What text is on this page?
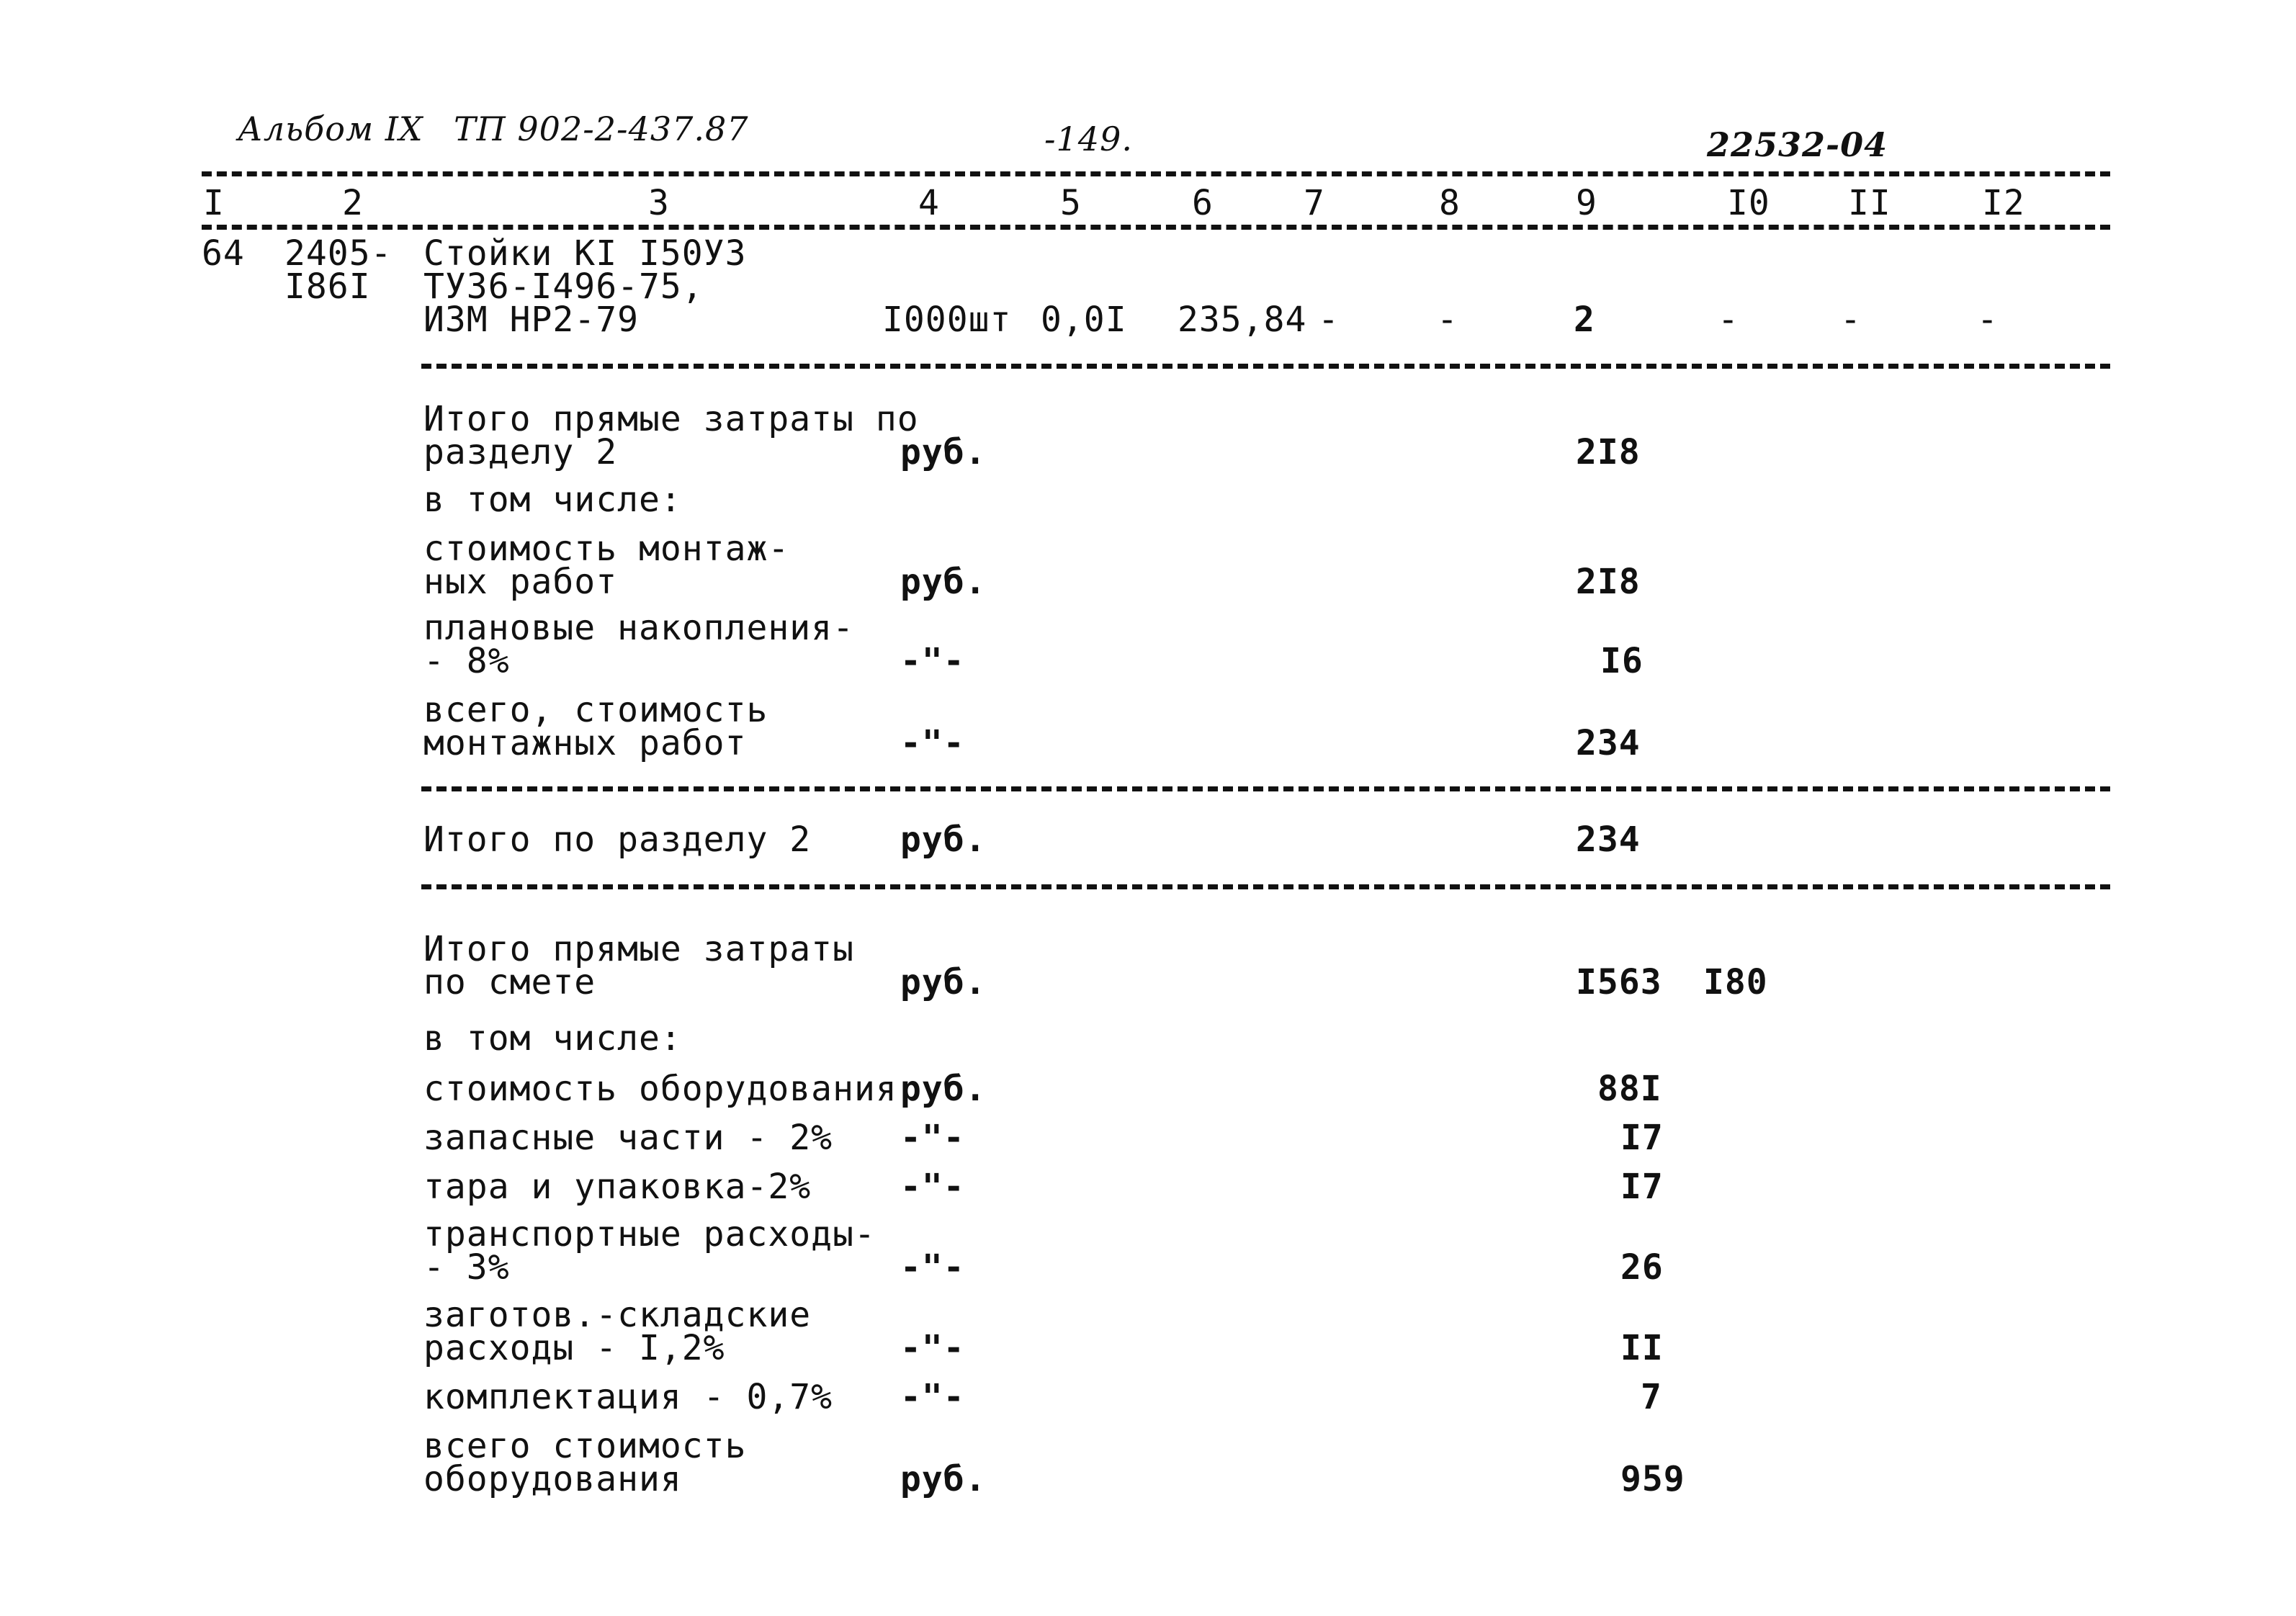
Альбом IX ТП 902-2-437.87	-149.	22532-04
I	2	3	4	5	6	7	8	9	I0 II	I2
64 2405-
I86I
Стойки КI I50У3
ТУ36-I496-75,
ИЗМ НР2-79	I000шт 0,0I 235,84 -	-	2	-	-	-
Итого прямые затраты по
разделу 2	руб.	2I8
в том числе:
стоимость монтаж-
ных работ	руб.	2I8
плановые накопления-
- 8%	-"-	I6
всего, стоимость
монтажных работ	-"-	234
Итого по разделу 2	руб.	234
Итого прямые затраты
по смете	руб.	I563 I80
в том числе:
стоимость оборудования руб.	88I
запасные части - 2% -"-	I7
тара и упаковка-2%	-"-	I7
транспортные расходы-
- 3%	-"-	26
заготов.-складские
расходы - I,2%	-"-	II
комплектация - 0,7% -"-	7
всего стоимость
оборудования	руб.	959
